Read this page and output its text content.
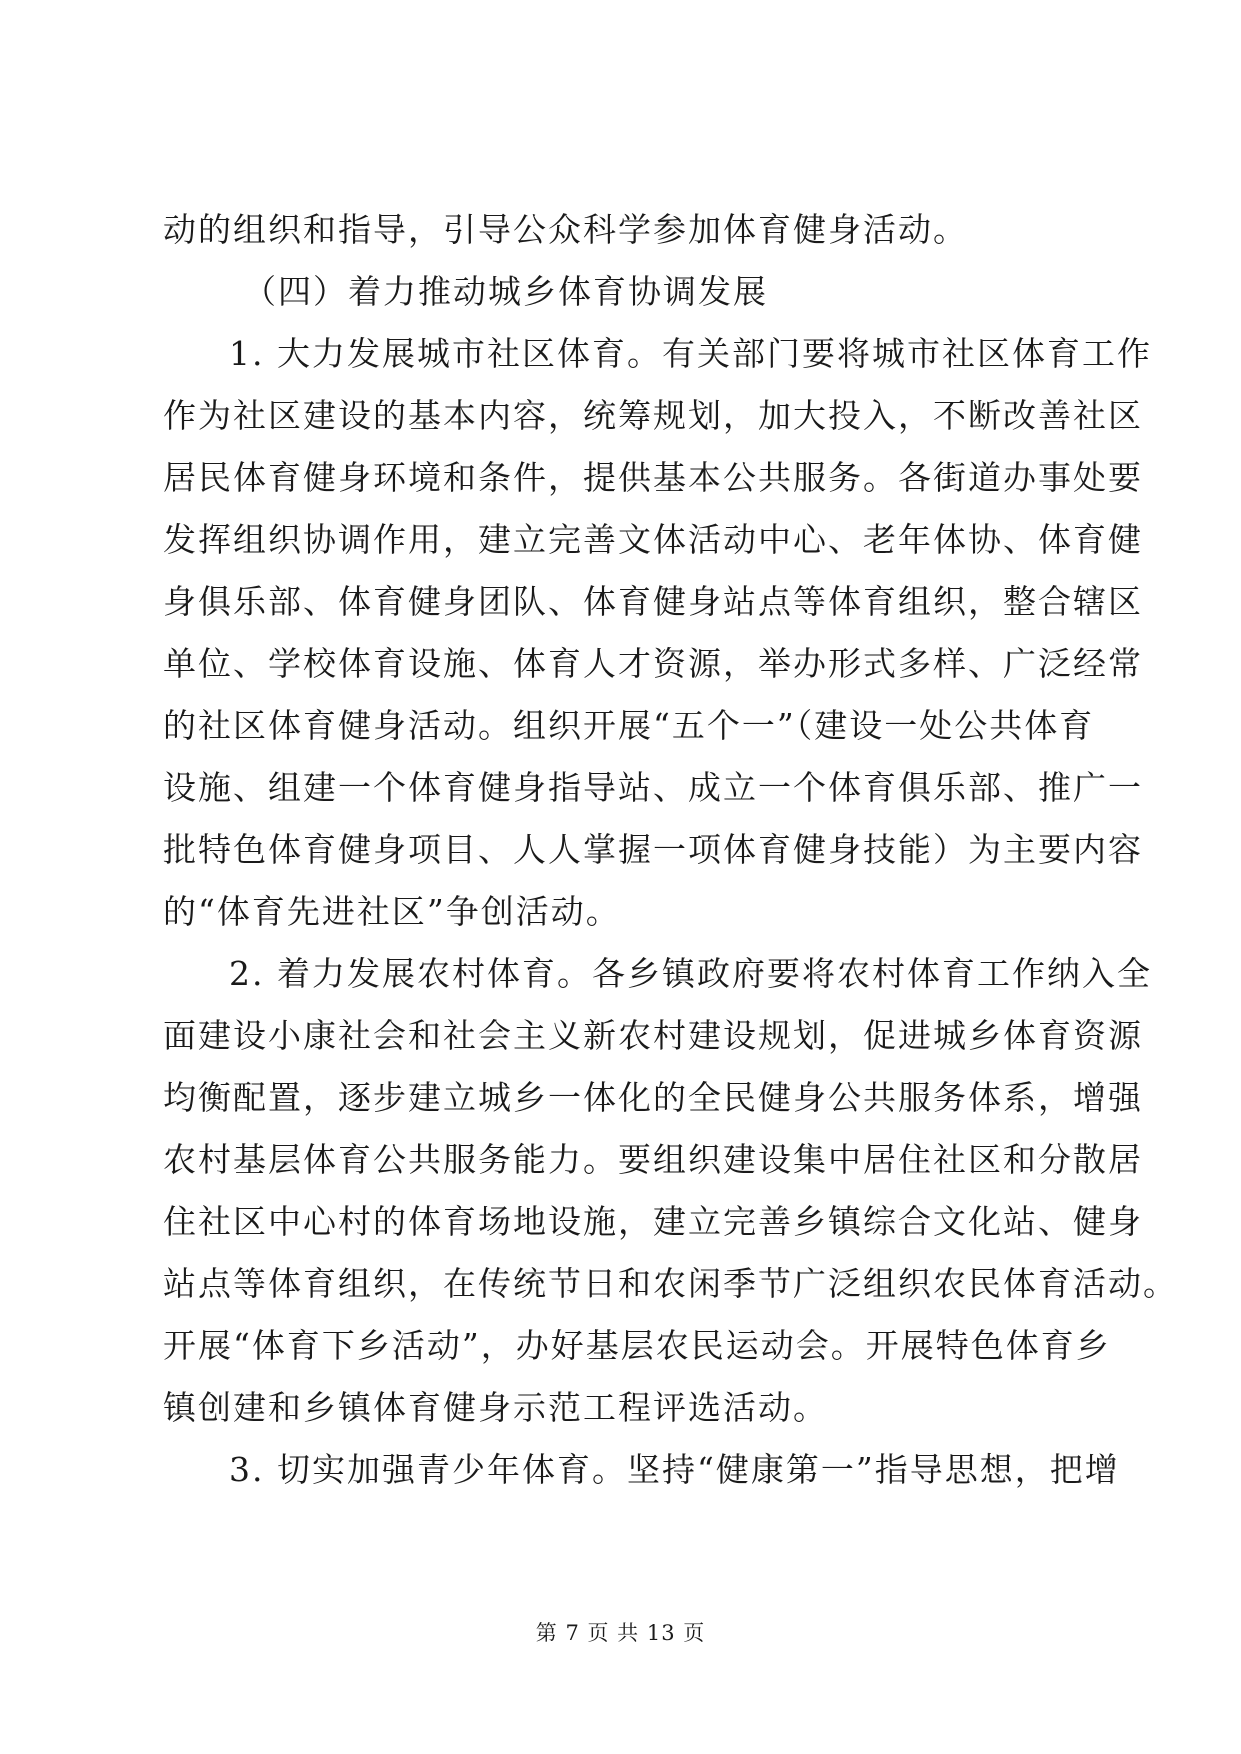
动的组织和指导，引导公众科学参加体育健身活动。

（四）着力推动城乡体育协调发展

1. 大力发展城市社区体育。有关部门要将城市社区体育工作
作为社区建设的基本内容，统筹规划，加大投入，不断改善社区
居民体育健身环境和条件，提供基本公共服务。各街道办事处要
发挥组织协调作用，建立完善文体活动中心、老年体协、体育健
身俱乐部、体育健身团队、体育健身站点等体育组织，整合辖区
单位、学校体育设施、体育人才资源，举办形式多样、广泛经常
的社区体育健身活动。组织开展“五个一”（建设一处公共体育
设施、组建一个体育健身指导站、成立一个体育俱乐部、推广一
批特色体育健身项目、人人掌握一项体育健身技能）为主要内容
的“体育先进社区”争创活动。

2. 着力发展农村体育。各乡镇政府要将农村体育工作纳入全
面建设小康社会和社会主义新农村建设规划，促进城乡体育资源
均衡配置，逐步建立城乡一体化的全民健身公共服务体系，增强
农村基层体育公共服务能力。要组织建设集中居住社区和分散居
住社区中心村的体育场地设施，建立完善乡镇综合文化站、健身
站点等体育组织，在传统节日和农闲季节广泛组织农民体育活动。
开展“体育下乡活动”，办好基层农民运动会。开展特色体育乡
镇创建和乡镇体育健身示范工程评选活动。

3. 切实加强青少年体育。坚持“健康第一”指导思想，把增

第 7 页 共 13 页
